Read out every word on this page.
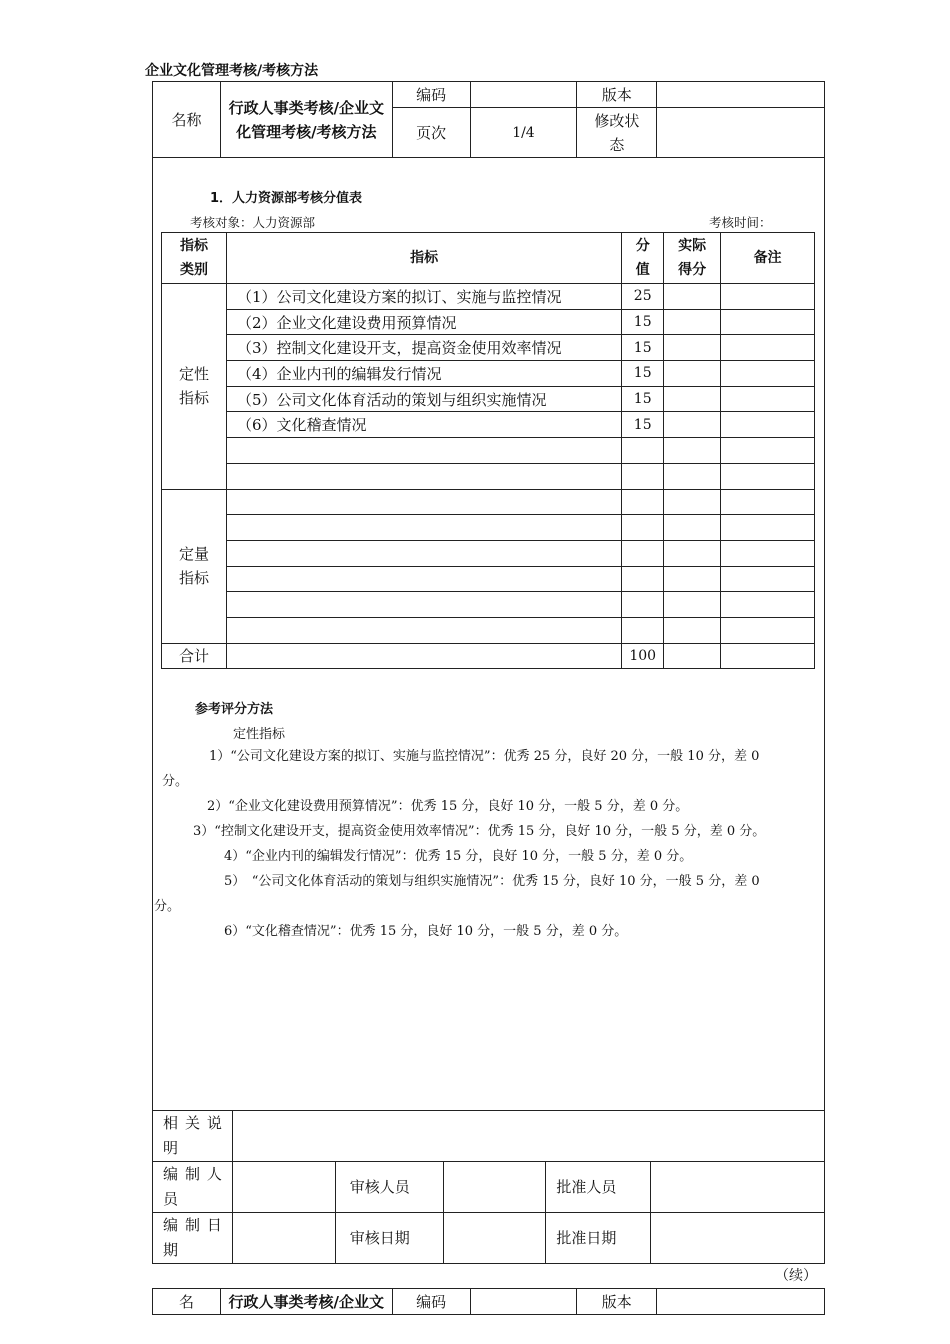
企业文化管理考核/考核方法
名称	行政人事类考核/企业文化管理考核/考核方法	编码		版本	
		页次	1/4	修改状态	
1．人力资源部考核分值表
考核对象：人力资源部	考核时间：
指标类别	指标	分值	实际得分	备注
定性指标	（1）公司文化建设方案的拟订、实施与监控情况	25		
	（2）企业文化建设费用预算情况	15		
	（3）控制文化建设开支，提高资金使用效率情况	15		
	（4）企业内刊的编辑发行情况	15		
	（5）公司文化体育活动的策划与组织实施情况	15		
	（6）文化稽查情况	15		

定量指标				

合计		100		
参考评分方法
定性指标
1）“公司文化建设方案的拟订、实施与监控情况”：优秀 25 分，良好 20 分，一般 10 分，差 0
分。
2）“企业文化建设费用预算情况”：优秀 15 分，良好 10 分，一般 5 分，差 0 分。
3）“控制文化建设开支，提高资金使用效率情况”：优秀 15 分，良好 10 分，一般 5 分，差 0 分。
4）“企业内刊的编辑发行情况”：优秀 15 分，良好 10 分，一般 5 分，差 0 分。
5）　“公司文化体育活动的策划与组织实施情况”：优秀 15 分，良好 10 分，一般 5 分，差 0
分。
6）“文化稽查情况”：优秀 15 分，良好 10 分，一般 5 分，差 0 分。
相关说明					
编制人员		审核人员		批准人员	
编制日期		审核日期		批准日期	
（续）
名	行政人事类考核/企业文	编码		版本	
